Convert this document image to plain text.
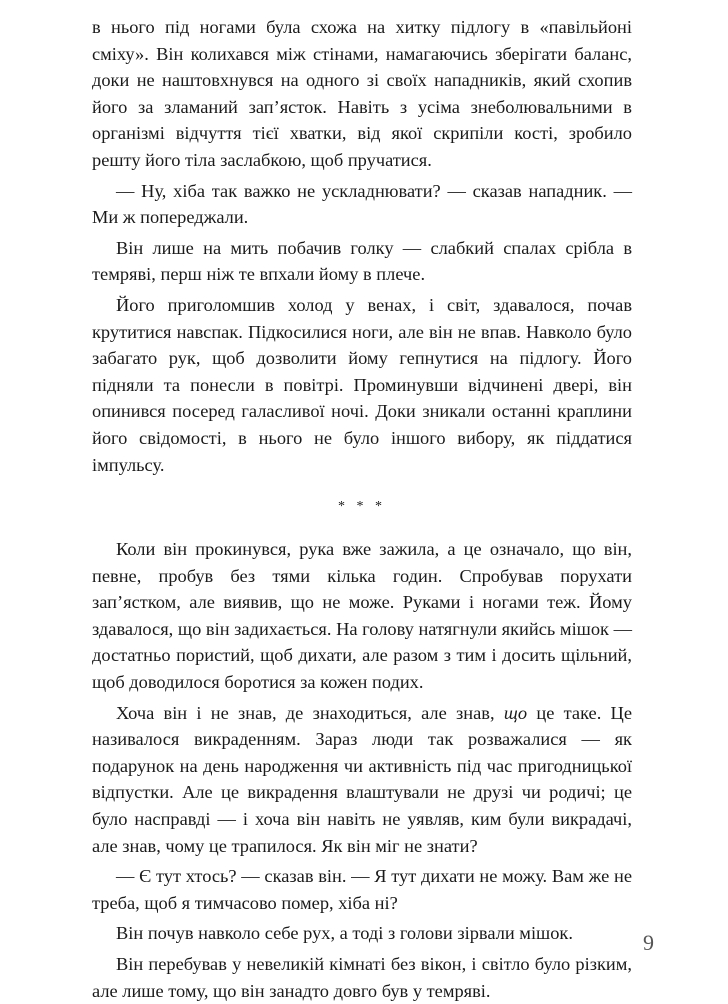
в нього під ногами була схожа на хитку підлогу в «павільйоні сміху». Він колихався між стінами, намагаючись зберігати баланс, доки не наштовхнувся на одного зі своїх нападників, який схопив його за зламаний зап’ясток. Навіть з усіма знеболювальними в організмі відчуття тієї хватки, від якої скрипіли кості, зробило решту його тіла заслабкою, щоб пручатися.

— Ну, хіба так важко не ускладнювати? — сказав нападник. — Ми ж попереджали.

Він лише на мить побачив голку — слабкий спалах срібла в темряві, перш ніж те впхали йому в плече.

Його приголомшив холод у венах, і світ, здавалося, почав крутитися навспак. Підкосилися ноги, але він не впав. Навколо було забагато рук, щоб дозволити йому гепнутися на підлогу. Його підняли та понесли в повітрі. Проминувши відчинені двері, він опинився посеред галасливої ночі. Доки зникали останні краплини його свідомості, в нього не було іншого вибору, як піддатися імпульсу.

* * *

Коли він прокинувся, рука вже зажила, а це означало, що він, певне, пробув без тями кілька годин. Спробував порухати зап’ястком, але виявив, що не може. Руками і ногами теж. Йому здавалося, що він задихається. На голову натягнули якийсь мішок — достатньо пористий, щоб дихати, але разом з тим і досить щільний, щоб доводилося боротися за кожен подих.

Хоча він і не знав, де знаходиться, але знав, що це таке. Це називалося викраденням. Зараз люди так розважалися — як подарунок на день народження чи активність під час пригодницької відпустки. Але це викрадення влаштували не друзі чи родичі; це було насправді — і хоча він навіть не уявляв, ким були викрадачі, але знав, чому це трапилося. Як він міг не знати?

— Є тут хтось? — сказав він. — Я тут дихати не можу. Вам же не треба, щоб я тимчасово помер, хіба ні?

Він почув навколо себе рух, а тоді з голови зірвали мішок.

Він перебував у невеликій кімнаті без вікон, і світло було різким, але лише тому, що він занадто довго був у темряві.

9
